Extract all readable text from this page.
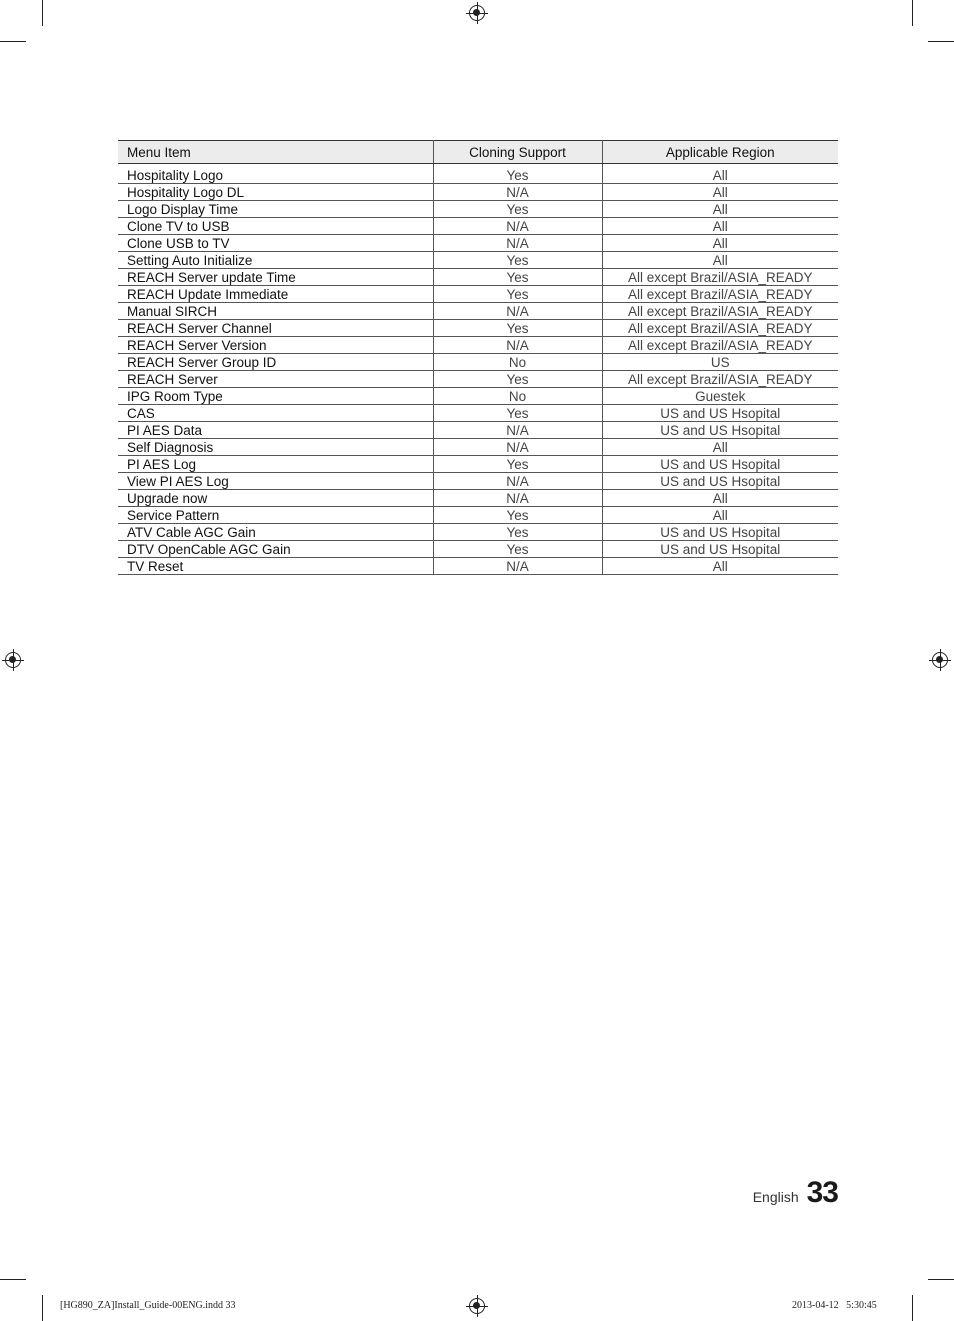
Menu Item	Cloning Support	Applicable Region
Hospitality Logo	Yes	All
Hospitality Logo DL	N/A	All
Logo Display Time	Yes	All
Clone TV to USB	N/A	All
Clone USB to TV	N/A	All
Setting Auto Initialize	Yes	All
REACH Server update Time	Yes	All except Brazil/ASIA_READY
REACH Update Immediate	Yes	All except Brazil/ASIA_READY
Manual SIRCH	N/A	All except Brazil/ASIA_READY
REACH Server Channel	Yes	All except Brazil/ASIA_READY
REACH Server Version	N/A	All except Brazil/ASIA_READY
REACH Server Group ID	No	US
REACH Server	Yes	All except Brazil/ASIA_READY
IPG Room Type	No	Guestek
CAS	Yes	US and US Hsopital
PI AES Data	N/A	US and US Hsopital
Self Diagnosis	N/A	All
PI AES Log	Yes	US and US Hsopital
View PI AES Log	N/A	US and US Hsopital
Upgrade now	N/A	All
Service Pattern	Yes	All
ATV Cable AGC Gain	Yes	US and US Hsopital
DTV OpenCable AGC Gain	Yes	US and US Hsopital
TV Reset	N/A	All
English 33
[HG890_ZA]Install_Guide-00ENG.indd 33	2013-04-12   5:30:45
